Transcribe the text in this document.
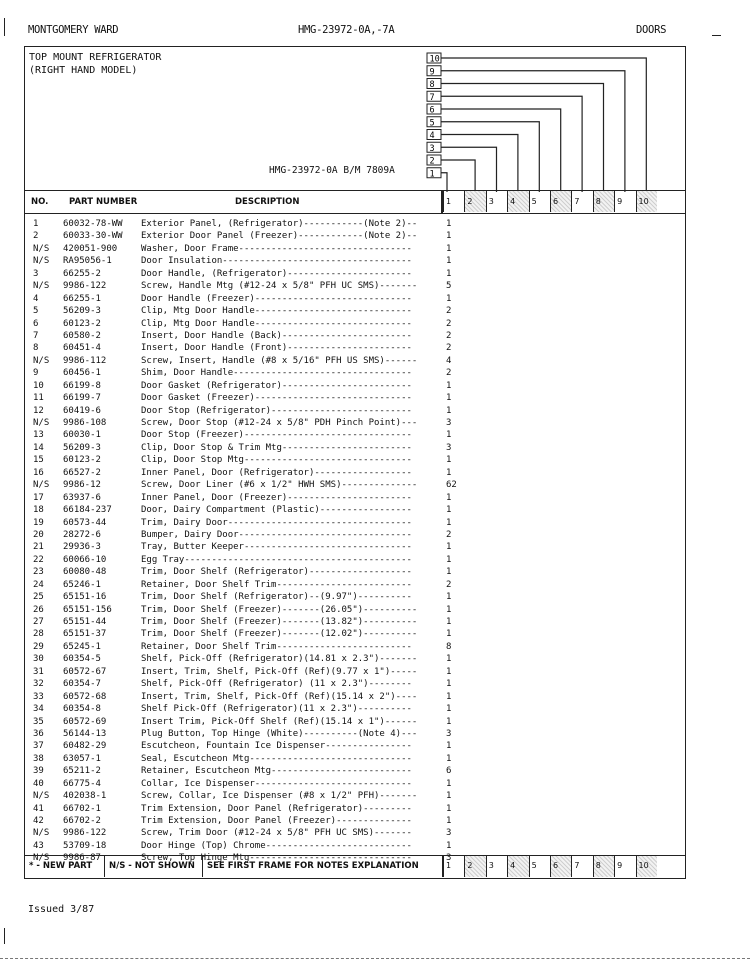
MONTGOMERY WARD	HMG-23972-0A,-7A	DOORS
TOP MOUNT REFRIGERATOR
(RIGHT HAND MODEL)
HMG-23972-0A B/M 7809A
10
9
8
7
6
5
4
3
2
1
NO. PART NUMBER	DESCRIPTION	1 2 3 4 5 6 7 8 9 10
1	60032-78-WW Exterior Panel, (Refrigerator)-----------(Note 2)--	1
2	60033-30-WW Exterior Door Panel (Freezer)------------(Note 2)--	1
N/S 420051-900	Washer, Door Frame--------------------------------	1
N/S RA95056-1	Door Insulation-----------------------------------	1
3	66255-2	Door Handle, (Refrigerator)-----------------------	1
N/S 9986-122	Screw, Handle Mtg (#12-24 x 5/8" PFH UC SMS)-------	5
4	66255-1	Door Handle (Freezer)-----------------------------	1
5	56209-3	Clip, Mtg Door Handle-----------------------------	2
6	60123-2	Clip, Mtg Door Handle-----------------------------	2
7	60580-2	Insert, Door Handle (Back)------------------------	2
8	60451-4	Insert, Door Handle (Front)-----------------------	2
N/S 9986-112	Screw, Insert, Handle (#8 x 5/16" PFH US SMS)------	4
9	60456-1	Shim, Door Handle---------------------------------	2
10 66199-8	Door Gasket (Refrigerator)------------------------	1
11 66199-7	Door Gasket (Freezer)-----------------------------	1
12 60419-6	Door Stop (Refrigerator)--------------------------	1
N/S 9986-108	Screw, Door Stop (#12-24 x 5/8" PDH Pinch Point)---	3
13 60030-1	Door Stop (Freezer)-------------------------------	1
14 56209-3	Clip, Door Stop & Trim Mtg------------------------	3
15 60123-2	Clip, Door Stop Mtg-------------------------------	1
16 66527-2	Inner Panel, Door (Refrigerator)------------------	1
N/S 9986-12	Screw, Door Liner (#6 x 1/2" HWH SMS)--------------	62
17 63937-6	Inner Panel, Door (Freezer)-----------------------	1
18 66184-237	Door, Dairy Compartment (Plastic)-----------------	1
19 60573-44	Trim, Dairy Door----------------------------------	1
20 28272-6	Bumper, Dairy Door--------------------------------	2
21 29936-3	Tray, Butter Keeper-------------------------------	1
22 60066-10	Egg Tray------------------------------------------	1
23 60080-48	Trim, Door Shelf (Refrigerator)-------------------	1
24 65246-1	Retainer, Door Shelf Trim-------------------------	2
25 65151-16	Trim, Door Shelf (Refrigerator)--(9.97")----------	1
26 65151-156	Trim, Door Shelf (Freezer)-------(26.05")----------	1
27 65151-44	Trim, Door Shelf (Freezer)-------(13.82")----------	1
28 65151-37	Trim, Door Shelf (Freezer)-------(12.02")----------	1
29 65245-1	Retainer, Door Shelf Trim-------------------------	8
30 60354-5	Shelf, Pick-Off (Refrigerator)(14.81 x 2.3")-------	1
31 60572-67	Insert, Trim, Shelf, Pick-Off (Ref)(9.77 x 1")-----	1
32 60354-7	Shelf, Pick-Off (Refrigerator) (11 x 2.3")--------	1
33 60572-68	Insert, Trim, Shelf, Pick-Off (Ref)(15.14 x 2")----	1
34 60354-8	Shelf Pick-Off (Refrigerator)(11 x 2.3")----------	1
35 60572-69	Insert Trim, Pick-Off Shelf (Ref)(15.14 x 1")------	1
36 56144-13	Plug Button, Top Hinge (White)----------(Note 4)---	3
37 60482-29	Escutcheon, Fountain Ice Dispenser----------------	1
38 63057-1	Seal, Escutcheon Mtg------------------------------	1
39 65211-2	Retainer, Escutcheon Mtg--------------------------	6
40 66775-4	Collar, Ice Dispenser-----------------------------	1
N/S 402038-1	Screw, Collar, Ice Dispenser (#8 x 1/2" PFH)-------	1
41 66702-1	Trim Extension, Door Panel (Refrigerator)---------	1
42 66702-2	Trim Extension, Door Panel (Freezer)--------------	1
N/S 9986-122	Screw, Trim Door (#12-24 x 5/8" PFH UC SMS)-------	3
43 53709-18	Door Hinge (Top) Chrome---------------------------	1
N/S 9986-87	Screw, Top Hinge Mtg------------------------------	3
* - NEW PART	N/S - NOT SHOWN	SEE FIRST FRAME FOR NOTES EXPLANATION	1 2 3 4 5 6 7 8 9 10
Issued 3/87
